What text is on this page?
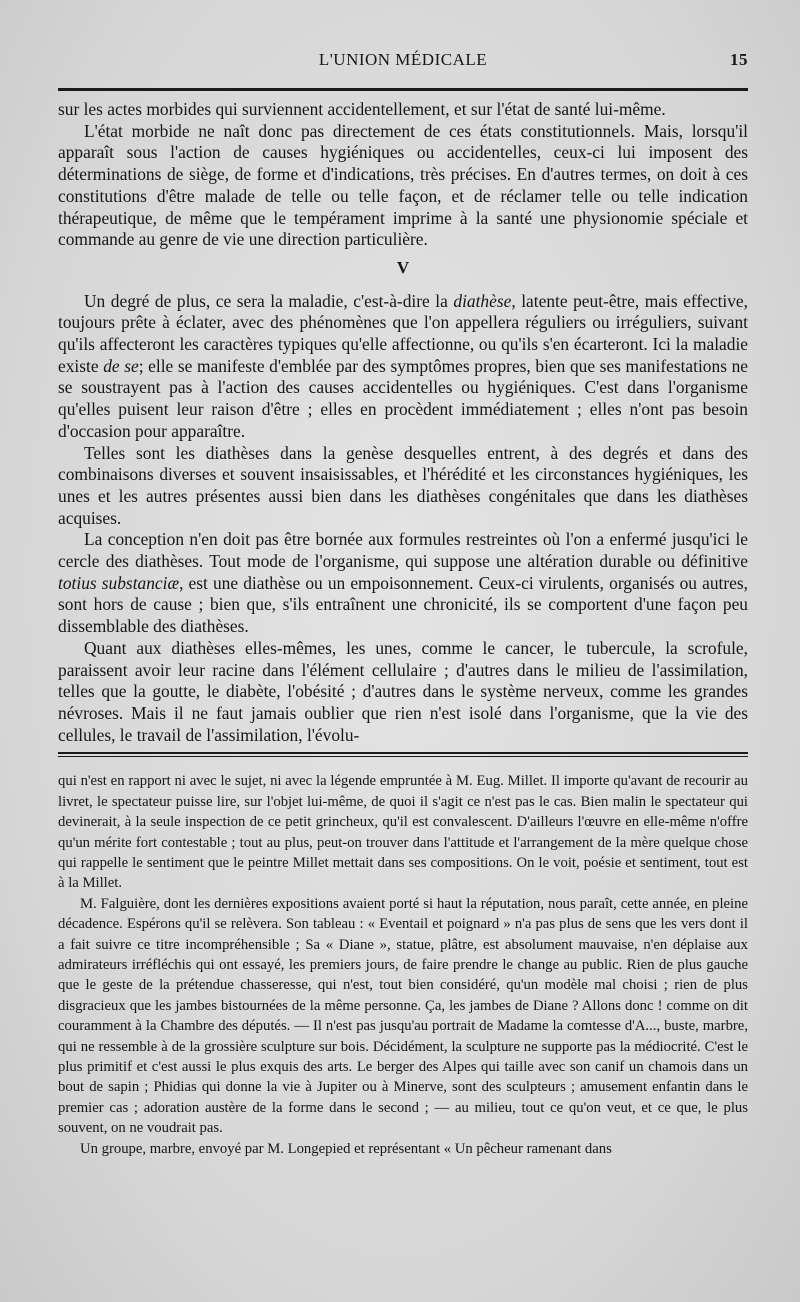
L'UNION MÉDICALE	15

sur les actes morbides qui surviennent accidentellement, et sur l'état de santé lui-même.

L'état morbide ne naît donc pas directement de ces états constitutionnels. Mais, lorsqu'il apparaît sous l'action de causes hygiéniques ou accidentelles, ceux-ci lui imposent des déterminations de siège, de forme et d'indications, très précises. En d'autres termes, on doit à ces constitutions d'être malade de telle ou telle façon, et de réclamer telle ou telle indication thérapeutique, de même que le tempérament imprime à la santé une physionomie spéciale et commande au genre de vie une direction particulière.

V

Un degré de plus, ce sera la maladie, c'est-à-dire la diathèse, latente peut-être, mais effective, toujours prête à éclater, avec des phénomènes que l'on appellera réguliers ou irréguliers, suivant qu'ils affecteront les caractères typiques qu'elle affectionne, ou qu'ils s'en écarteront. Ici la maladie existe de se; elle se manifeste d'emblée par des symptômes propres, bien que ses manifestations ne se soustrayent pas à l'action des causes accidentelles ou hygiéniques. C'est dans l'organisme qu'elles puisent leur raison d'être ; elles en procèdent immédiatement ; elles n'ont pas besoin d'occasion pour apparaître.

Telles sont les diathèses dans la genèse desquelles entrent, à des degrés et dans des combinaisons diverses et souvent insaisissables, et l'hérédité et les circonstances hygiéniques, les unes et les autres présentes aussi bien dans les diathèses congénitales que dans les diathèses acquises.

La conception n'en doit pas être bornée aux formules restreintes où l'on a enfermé jusqu'ici le cercle des diathèses. Tout mode de l'organisme, qui suppose une altération durable ou définitive totius substanciæ, est une diathèse ou un empoisonnement. Ceux-ci virulents, organisés ou autres, sont hors de cause ; bien que, s'ils entraînent une chronicité, ils se comportent d'une façon peu dissemblable des diathèses.

Quant aux diathèses elles-mêmes, les unes, comme le cancer, le tubercule, la scrofule, paraissent avoir leur racine dans l'élément cellulaire ; d'autres dans le milieu de l'assimilation, telles que la goutte, le diabète, l'obésité ; d'autres dans le système nerveux, comme les grandes névroses. Mais il ne faut jamais oublier que rien n'est isolé dans l'organisme, que la vie des cellules, le travail de l'assimilation, l'évolu-

qui n'est en rapport ni avec le sujet, ni avec la légende empruntée à M. Eug. Millet. Il importe qu'avant de recourir au livret, le spectateur puisse lire, sur l'objet lui-même, de quoi il s'agit ce n'est pas le cas. Bien malin le spectateur qui devinerait, à la seule inspection de ce petit grincheux, qu'il est convalescent. D'ailleurs l'œuvre en elle-même n'offre qu'un mérite fort contestable ; tout au plus, peut-on trouver dans l'attitude et l'arrangement de la mère quelque chose qui rappelle le sentiment que le peintre Millet mettait dans ses compositions. On le voit, poésie et sentiment, tout est à la Millet.

M. Falguière, dont les dernières expositions avaient porté si haut la réputation, nous paraît, cette année, en pleine décadence. Espérons qu'il se relèvera. Son tableau : « Eventail et poignard » n'a pas plus de sens que les vers dont il a fait suivre ce titre incompréhensible ; Sa « Diane », statue, plâtre, est absolument mauvaise, n'en déplaise aux admirateurs irréfléchis qui ont essayé, les premiers jours, de faire prendre le change au public. Rien de plus gauche que le geste de la prétendue chasseresse, qui n'est, tout bien considéré, qu'un modèle mal choisi ; rien de plus disgracieux que les jambes bistournées de la même personne. Ça, les jambes de Diane ? Allons donc ! comme on dit couramment à la Chambre des députés. — Il n'est pas jusqu'au portrait de Madame la comtesse d'A..., buste, marbre, qui ne ressemble à de la grossière sculpture sur bois. Décidément, la sculpture ne supporte pas la médiocrité. C'est le plus primitif et c'est aussi le plus exquis des arts. Le berger des Alpes qui taille avec son canif un chamois dans un bout de sapin ; Phidias qui donne la vie à Jupiter ou à Minerve, sont des sculpteurs ; amusement enfantin dans le premier cas ; adoration austère de la forme dans le second ; — au milieu, tout ce qu'on veut, et ce que, le plus souvent, on ne voudrait pas.

Un groupe, marbre, envoyé par M. Longepied et représentant « Un pêcheur ramenant dans
